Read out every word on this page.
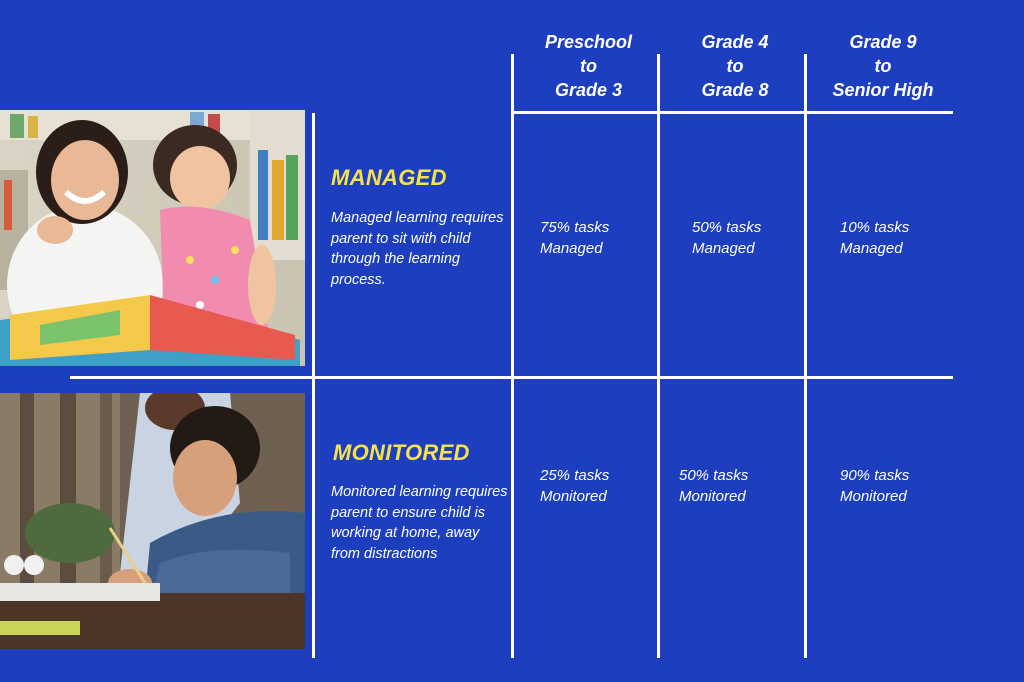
Preschool
to
Grade 3
Grade 4
to
Grade 8
Grade 9
to
Senior High
MANAGED
Managed learning requires parent to sit with child through the learning process.
75% tasks
Managed
50% tasks
Managed
10% tasks
Managed
MONITORED
Monitored learning requires parent to ensure child is working at home, away from distractions
25% tasks
Monitored
50% tasks
Monitored
90% tasks
Monitored
